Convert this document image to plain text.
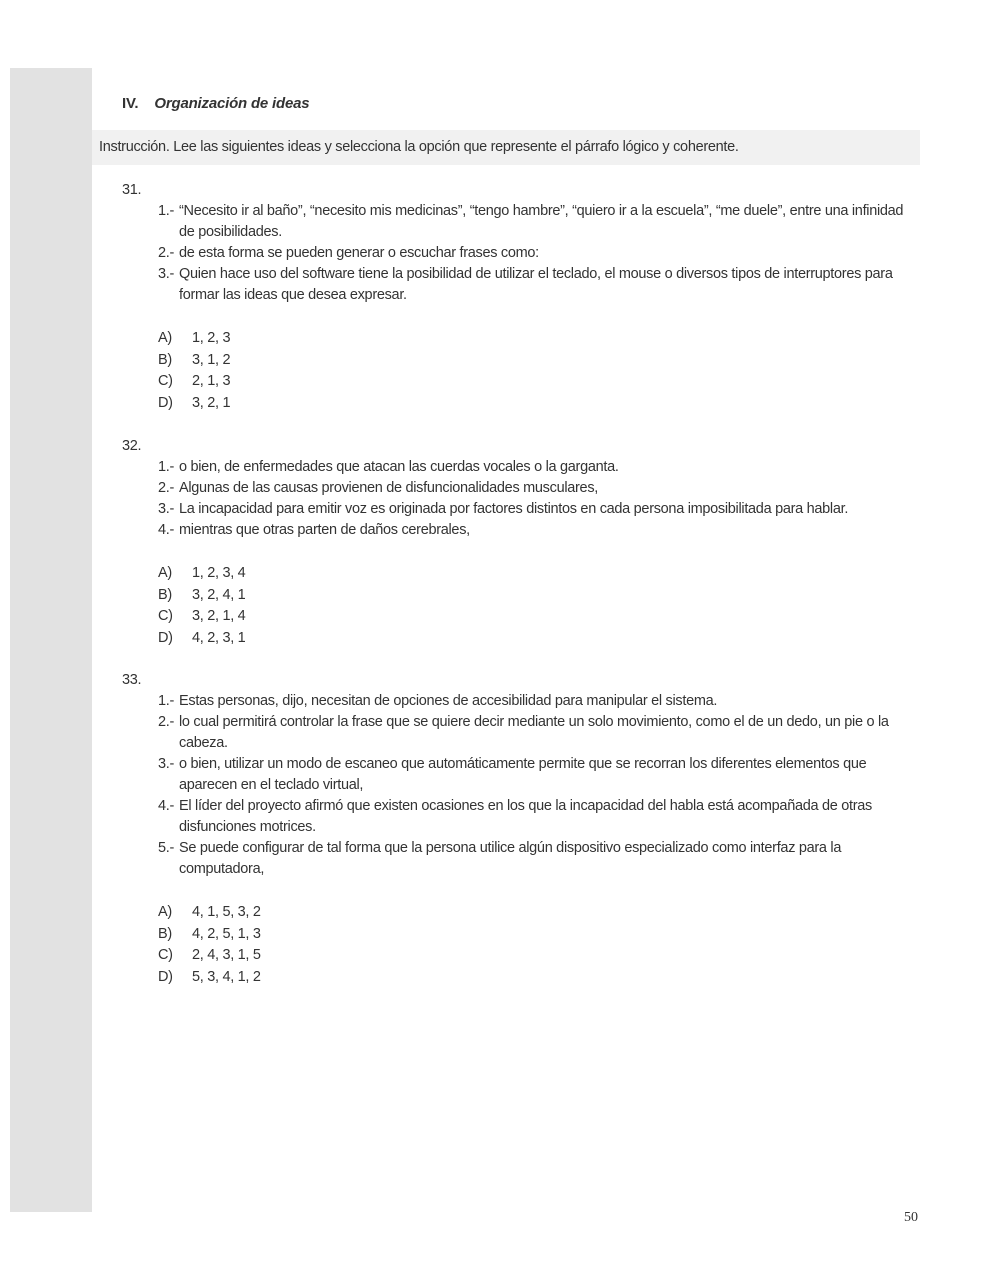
IV. Organización de ideas
Instrucción. Lee las siguientes ideas y selecciona la opción que represente el párrafo lógico y coherente.
31.
1.- “Necesito ir al baño”, “necesito mis medicinas”, “tengo hambre”, “quiero ir a la escuela”, “me duele”, entre una infinidad de posibilidades.
2.- de esta forma se pueden generar o escuchar frases como:
3.- Quien hace uso del software tiene la posibilidad de utilizar el teclado, el mouse o diversos tipos de interruptores para formar las ideas que desea expresar.
A) 1, 2, 3
B) 3, 1, 2
C) 2, 1, 3
D) 3, 2, 1
32.
1.- o bien, de enfermedades que atacan las cuerdas vocales o la garganta.
2.- Algunas de las causas provienen de disfuncionalidades musculares,
3.- La incapacidad para emitir voz es originada por factores distintos en cada persona imposibilitada para hablar.
4.- mientras que otras parten de daños cerebrales,
A) 1, 2, 3, 4
B) 3, 2, 4, 1
C) 3, 2, 1, 4
D) 4, 2, 3, 1
33.
1.- Estas personas, dijo, necesitan de opciones de accesibilidad para manipular el sistema.
2.- lo cual permitirá controlar la frase que se quiere decir mediante un solo movimiento, como el de un dedo, un pie o la cabeza.
3.- o bien, utilizar un modo de escaneo que automáticamente permite que se recorran los diferentes elementos que aparecen en el teclado virtual,
4.- El líder del proyecto afirmó que existen ocasiones en los que la incapacidad del habla está acompañada de otras disfunciones motrices.
5.- Se puede configurar de tal forma que la persona utilice algún dispositivo especializado como interfaz para la computadora,
A) 4, 1, 5, 3, 2
B) 4, 2, 5, 1, 3
C) 2, 4, 3, 1, 5
D) 5, 3, 4, 1, 2
50
